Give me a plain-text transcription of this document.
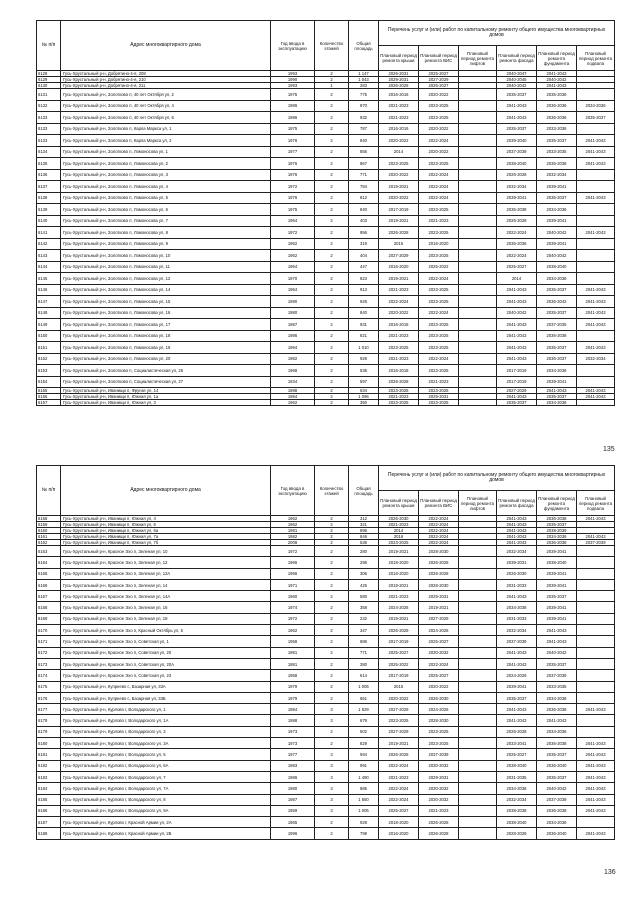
№ п/п	Адрес многоквартирного дома	Год ввода в эксплуатацию	Количество этажей	Общая площадь	Перечень услуг и (или) работ по капитальному ремонту общего имущества многоквартирных домов					
					Плановый период ремонта крыши	Плановый период ремонта ВИС	Плановый период ремонта лифтов	Плановый период ремонта фасада	Плановый период ремонта фундамента	Плановый период ремонта подвала
6128	Гусь-Хрустальный р-н, Добрятино-4-я, 208	1993	2	1 147	2026-2031	2025-2027		2040-2047	2041-2043	
6129	Гусь-Хрустальный р-н, Добрятино-4-я, 210	1990	2	1 043	2029-2031	2027-2029		2040-2045	2040-2042	
6130	Гусь-Хрустальный р-н, Добрятино-4-я, 211	1993	1	283	2026-2026	2026-2027		2040-2042	2041-2043	
6131	Гусь-Хрустальный р-н, Золотково п, 40 лет Октября ул, 2	1975	2	775	2016-2016	2020-2022		2035-2037	2035-2036	
6132	Гусь-Хрустальный р-н, Золотково п, 40 лет Октября ул, 4	1986	2	870	2021-2023	2023-2025		2041-2043	2036-2036	2034-2036
6133	Гусь-Хрустальный р-н, Золотково п, 40 лет Октября ул, 6	1986	2	932	2021-2023	2023-2025		2041-2043	2036-2036	2035-2037
6133	Гусь-Хрустальный р-н, Золотково п, Карла Маркса ул, 1	1975	2	787	2016-2016	2020-2022		2035-2037	2033-2036	
6133	Гусь-Хрустальный р-н, Золотково п, Карла Маркса ул, 2	1976	2	840	2020-2022	2022-2024		2039-2040	2035-2037	2041-2043
6134	Гусь-Хрустальный р-н, Золотково п, Ломоносова ул, 1	1977	2	856	2014	2020-2022		2037-2039	2033-2035	2041-2043
6135	Гусь-Хрустальный р-н, Золотково п, Ломоносова ул, 2	1976	2	867	2023-2025	2023-2025		2038-2040	2036-2038	2041-2043
6136	Гусь-Хрустальный р-н, Золотково п, Ломоносова ул, 3	1976	2	771	2020-2022	2022-2024		2026-2028	2032-2034	
6137	Гусь-Хрустальный р-н, Золотково п, Ломоносова ул, 4	1972	2	784	2019-2021	2022-2024		2032-2034	2039-2041	
6138	Гусь-Хрустальный р-н, Золотково п, Ломоносова ул, 5	1976	2	812	2020-2022	2022-2024		2039-2041	2035-2037	2041-2043
6139	Гусь-Хрустальный р-н, Золотково п, Ломоносова ул, 6	1975	2	840	2017-2019	2023-2025		2035-2038	2034-2036	
6140	Гусь-Хрустальный р-н, Золотково п, Ломоносова ул, 7	1964	2	403	2019-2021	2021-2023		2026-2028	2039-2041	
6141	Гусь-Хрустальный р-н, Золотково п, Ломоносова ул, 8	1972	2	956	2026-2028	2023-2025		2022-2024	2040-2042	2041-2043
6142	Гусь-Хрустальный р-н, Золотково п, Ломоносова ул, 9	1962	2	319	2015	2016-2020		2036-2036	2039-2041	
6143	Гусь-Хрустальный р-н, Золотково п, Ломоносова ул, 10	1962	2	404	2027-2029	2023-2025		2022-2024	2040-2042	
6144	Гусь-Хрустальный р-н, Золотково п, Ломоносова ул, 11	1964	2	447	2016-2020	2025-2022		2025-2027	2038-2040	
6145	Гусь-Хрустальный р-н, Золотково п, Ломоносова ул, 12	1970	2	823	2019-2021	2022-2024		2014	2034-2036	
6146	Гусь-Хрустальный р-н, Золотково п, Ломоносова ул, 14	1964	2	913	2021-2023	2023-2025		2041-2043	2035-2037	2041-2043
6147	Гусь-Хрустальный р-н, Золотково п, Ломоносова ул, 15	1980	2	926	2022-2024	2023-2025		2041-2043	2036-2042	2041-2043
6148	Гусь-Хрустальный р-н, Золотково п, Ломоносова ул, 16	1980	2	840	2020-2022	2022-2024		2040-2042	2035-2037	2041-2043
6149	Гусь-Хрустальный р-н, Золотково п, Ломоносова ул, 17	1987	2	931	2016-2018	2023-2025		2041-2043	2037-2035	2041-2043
6150	Гусь-Хрустальный р-н, Золотково п, Ломоносова ул, 18	1986	2	821	2021-2023	2023-2025		2041-2043	2036-2036	
6151	Гусь-Хрустальный р-н, Золотково п, Ломоносова ул, 19	1994	2	1 010	2023-2025	2023-2025		2041-2043	2035-2037	2041-2043
6152	Гусь-Хрустальный р-н, Золотково п, Ломоносова ул, 20	1982	2	926	2021-2023	2022-2024		2041-2043	2036-2037	2032-2034
6153	Гусь-Хрустальный р-н, Золотково п, Социалистическая ул, 26	1968	2	535	2016-2018	2023-2025		2017-2019	2034-2036	
6154	Гусь-Хрустальный р-н, Золотково п, Социалистическая ул, 27	1934	2	597	2026-2028	2021-2023		2017-2019	2039-2041	
6155	Гусь-Хрустальный р-н, Иванищи п, Фрунзе ул, 14	1988	2	634	2023-2025	2023-2025		2027-2029	2041-2043	2041-2043
6156	Гусь-Хрустальный р-н, Иванищи п, Южная ул, 1а	1984	2	1 096	2021-2023	2029-2031		2041-2043	2035-2037	2041-2043
6157	Гусь-Хрустальный р-н, Иванищи п, Южная ул, 3	1962	2	350	2023-2025	2023-2025		2035-2037	2034-2036	
135
№ п/п	Адрес многоквартирного дома	Год ввода в эксплуатацию	Количество этажей	Общая площадь	Перечень услуг и (или) работ по капитальному ремонту общего имущества многоквартирных домов					
					Плановый период ремонта крыши	Плановый период ремонта ВИС	Плановый период ремонта лифтов	Плановый период ремонта фасада	Плановый период ремонта фундамента	Плановый период ремонта подвала
6158	Гусь-Хрустальный р-н, Иванищи п, Южная ул, 4	1962	2	312	2026-2030	2022-2024		2041-2043	2036-2038	2041-2043
6159	Гусь-Хрустальный р-н, Иванищи п, Южная ул, 6	1962	2	321	2021-2023	2022-2024		2041-2043	2035-2037	
6160	Гусь-Хрустальный р-н, Иванищи п, Южная ул, 6а	1981	2	896	2014	2022-2024		2041-2043	2038-2039	
6161	Гусь-Хрустальный р-н, Иванищи п, Южная ул, 7а	1982	2	846	2016	2022-2024		2041-2043	2034-2036	2041-2043
6162	Гусь-Хрустальный р-н, Иванищи п, Южная ул, 7б	2008	2	536	2023-2025	2022-2024		2041-2043	2036-2038	2037-2039
6163	Гусь-Хрустальный р-н, Красное Эхо п, Зеленая ул, 10	1972	2	280	2019-2021	2028-2030		2032-2034	2039-2041	
6164	Гусь-Хрустальный р-н, Красное Эхо п, Зеленая ул, 12	1966	2	296	2018-2020	2026-2028		2039-2031	2038-2040	
6165	Гусь-Хрустальный р-н, Красное Эхо п, Зеленая ул, 12А	1966	2	306	2016-2020	2026-2028		2026-2030	2039-2041	
6166	Гусь-Хрустальный р-н, Красное Эхо п, Зеленая ул, 14	1971	2	425	2019-2021	2028-2030		2031-2033	2039-2041	
6167	Гусь-Хрустальный р-н, Красное Эхо п, Зеленая ул, 14А	1960	2	580	2021-2023	2029-2031		2041-2043	2035-2037	
6168	Гусь-Хрустальный р-н, Красное Эхо п, Зеленая ул, 16	1974	2	358	2024-2026	2019-2021		2034-2036	2039-2041	
6169	Гусь-Хрустальный р-н, Красное Эхо п, Зеленая ул, 18	1972	2	232	2019-2021	2027-2029		2031-2033	2039-2041	
6170	Гусь-Хрустальный р-н, Красное Эхо п, Красный Октябрь ул, 5	1962	2	347	2026-2029	2024-2026		2032-2034	2041-2043	
6171	Гусь-Хрустальный р-н, Красное Эхо п, Советская ул, 1	1958	2	686	2017-2019	2025-2027		2037-2039	2041-2043	
6172	Гусь-Хрустальный р-н, Красное Эхо п, Советская ул, 20	1981	2	771	2025-2027	2030-2032		2041-2043	2040-2042	
6173	Гусь-Хрустальный р-н, Красное Эхо п, Советская ул, 20А	1981	2	380	2025-2022	2022-2024		2041-2043	2035-2037	
6174	Гусь-Хрустальный р-н, Красное Эхо п, Советская ул, 23	1958	2	614	2017-2019	2025-2027		2024-2026	2037-2039	
6175	Гусь-Хрустальный р-н, Купреево с, Базарная ул, 33А	1979	2	1 005	2015	2020-2022		2039-2041	2033-2035	
6176	Гусь-Хрустальный р-н, Купреево с, Базарная ул, 33Б	1979	2	651	2020-2022	2026-2030		2035-2037	2034-2036	
6177	Гусь-Хрустальный р-н, Курлово г, Володарского ул, 1	1984	3	1 829	2027-2029	2024-2026		2041-2043	2036-2038	2041-2043
6178	Гусь-Хрустальный р-н, Курлово г, Володарского ул, 1А	1988	3	679	2023-2025	2028-2030		2041-2043	2041-2043	
6179	Гусь-Хрустальный р-н, Курлово г, Володарского ул, 3	1973	2	502	2027-2029	2023-2025		2026-2028	2034-2036	
6180	Гусь-Хрустальный р-н, Курлово г, Володарского ул, 3А	1973	2	829	2019-2021	2023-2025		2033-2041	2036-2036	2041-2043
6181	Гусь-Хрустальный р-н, Курлово г, Володарского ул, 5	1977	3	594	2026-2028	2037-2039		2025-2027	2035-2037	2041-2043
6182	Гусь-Хрустальный р-н, Курлово г, Володарского ул, 6А	1983	3	991	2022-2024	2030-2032		2038-2040	2036-2040	2041-2043
6183	Гусь-Хрустальный р-н, Курлово г, Володарского ул, 7	1986	3	1 490	2021-2023	2029-2031		2031-2035	2035-2037	2041-2043
6184	Гусь-Хрустальный р-н, Курлово г, Володарского ул, 7А	1980	3	885	2022-2024	2030-2032		2034-2036	2040-2042	2041-2043
6185	Гусь-Хрустальный р-н, Курлово г, Володарского ул, 8	1987	3	1 550	2022-2024	2030-2032		2032-2034	2037-2039	2041-2043
6186	Гусь-Хрустальный р-н, Курлово г, Володарского ул, 9А	1959	3	1 005	2025-2027	2021-2023		2038-2038	2036-2038	2041-2043
6187	Гусь-Хрустальный р-н, Курлово г, Красной Армии ул, 2А	1965	2	928	2018-2020	2026-2028		2038-2040	2034-2036	
6188	Гусь-Хрустальный р-н, Курлово г, Красной Армии ул, 2Б	1996	2	799	2016-2020	2026-2028		2028-2028	2036-2040	2041-2043
136
